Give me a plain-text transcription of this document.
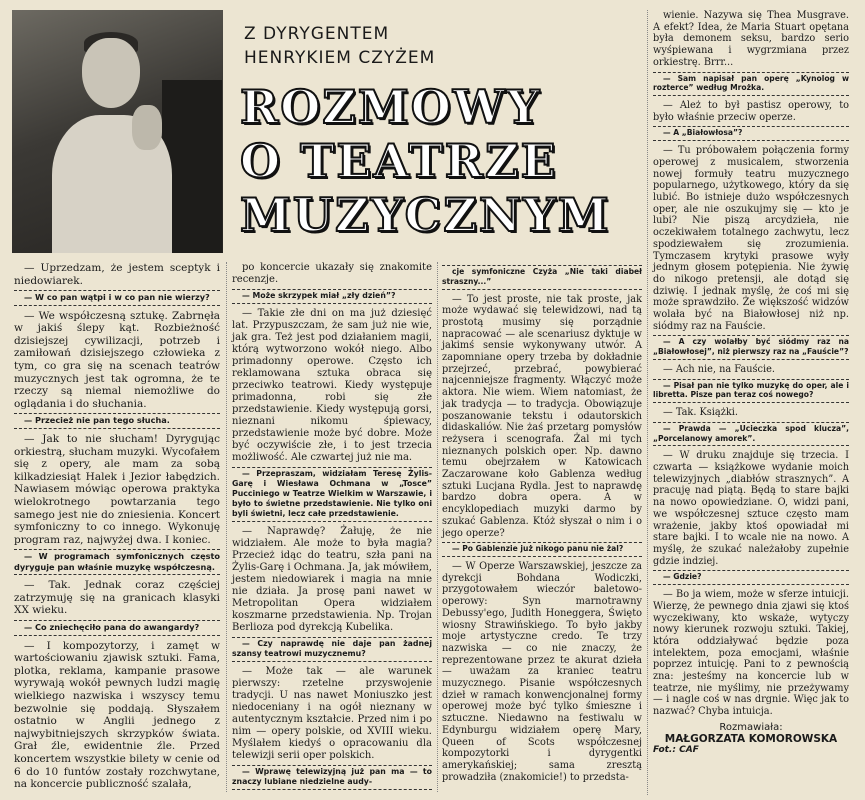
Z DYRYGENTEM
HENRYKIEM CZYŻEM
ROZMOWY
O TEATRZE
MUZYCZNYM

— Uprzedzam, że jestem sceptyk i niedowiarek.

— W co pan wątpi i w co pan nie wierzy?

— We współczesną sztukę. Zabrnęła w jakiś ślepy kąt. Rozbieżność dzisiejszej cywilizacji, potrzeb i zamiłowań dzisiejszego człowieka z tym, co gra się na scenach teatrów muzycznych jest tak ogromna, że te rzeczy są niemal niemożliwe do oglądania i do słuchania.

— Przecież nie pan tego słucha.

— Jak to nie słucham! Dyrygując orkiestrą, słucham muzyki. Wycofałem się z opery, ale mam za sobą kilkadziesiąt Halek i Jezior łabędzich. Nawiasem mówiąc operowa praktyka wielokrotnego powtarzania tego samego jest nie do zniesienia. Koncert symfoniczny to co innego. Wykonuję program raz, najwyżej dwa. I koniec.

— W programach symfonicznych często dyryguje pan właśnie muzykę współczesną.

— Tak. Jednak coraz częściej zatrzymuję się na granicach klasyki XX wieku.

— Co zniechęciło pana do awangardy?

— I kompozytorzy, i zamęt w wartościowaniu zjawisk sztuki. Fama, plotka, reklama, kampanie prasowe wyrywają wokół pewnych ludzi magię wielkiego nazwiska i wszyscy temu bezwolnie się poddają. Słyszałem ostatnio w Anglii jednego z najwybitniejszych skrzypków świata. Grał źle, ewidentnie źle. Przed koncertem wszystkie bilety w cenie od 6 do 10 funtów zostały rozchwytane, na koncercie publiczność szalała,

po koncercie ukazały się znakomite recenzje.

— Może skrzypek miał „zły dzień”?

— Takie złe dni on ma już dziesięć lat. Przypuszczam, że sam już nie wie, jak gra. Też jest pod działaniem magii, którą wytworzono wokół niego. Albo primadonny operowe. Często ich reklamowana sztuka obraca się przeciwko teatrowi. Kiedy występuje primadonna, robi się złe przedstawienie. Kiedy występują gorsi, nieznani nikomu śpiewacy, przedstawienie może być dobre. Może być oczywiście złe, i to jest trzecia możliwość. Ale czwartej już nie ma.

— Przepraszam, widziałam Teresę Żylis-Garę i Wiesława Ochmana w „Tosce” Pucciniego w Teatrze Wielkim w Warszawie, i było to świetne przedstawienie. Nie tylko oni byli świetni, lecz całe przedstawienie.

— Naprawdę? Żałuję, że nie widziałem. Ale może to była magia? Przecież idąc do teatru, szła pani na Żylis-Garę i Ochmana. Ja, jak mówiłem, jestem niedowiarek i magia na mnie nie działa. Ja prosę pani nawet w Metropolitan Opera widziałem koszmarne przedstawienia. Np. Trojan Berlioza pod dyrekcją Kubelika.

— Czy naprawdę nie daje pan żadnej szansy teatrowi muzycznemu?

— Może tak — ale warunek pierwszy: rzetelne przyswojenie tradycji. U nas nawet Moniuszko jest niedoceniany i na ogół nieznany w autentycznym kształcie. Przed nim i po nim — opery polskie, od XVIII wieku. Myślałem kiedyś o opracowaniu dla telewizji serii oper polskich.

— Wprawę telewizyjną już pan ma — to znaczy lubiane niedzielne audy-

cje symfoniczne Czyża „Nie taki diabeł straszny...”

— To jest proste, nie tak proste, jak może wydawać się telewidzowi, nad tą prostotą musimy się porządnie napracować — ale scenariusz dyktuje w jakimś sensie wykonywany utwór. A zapomniane opery trzeba by dokładnie przejrzeć, przebrać, powybierać najcenniejsze fragmenty. Włączyć może aktora. Nie wiem. Wiem natomiast, że jak tradycja — to tradycja. Obowiązuje poszanowanie tekstu i odautorskich didaskaliów. Nie żaś przetarg pomysłów reżysera i scenografa. Żal mi tych nieznanych polskich oper. Np. dawno temu obejrzałem w Katowicach Zaczarowane koło Gablenza według sztuki Lucjana Rydla. Jest to naprawdę bardzo dobra opera. A w encyklopediach muzyki darmo by szukać Gablenza. Któż słyszał o nim i o jego operze?

— Po Gablenzie już nikogo panu nie żal?

— W Operze Warszawskiej, jeszcze za dyrekcji Bohdana Wodiczki, przygotowałem wieczór baletowo-operowy: Syn marnotrawny Debussy'ego, Judith Honeggera, Święto wiosny Strawińskiego. To było jakby moje artystyczne credo. Te trzy nazwiska — co nie znaczy, że reprezentowane przez te akurat dzieła — uważam za kraniec teatru muzycznego. Pisanie współczesnych dzieł w ramach konwencjonalnej formy operowej może być tylko śmieszne i sztuczne. Niedawno na festiwalu w Edynburgu widziałem operę Mary, Queen of Scots współczesnej kompozytorki i dyrygentki amerykańskiej; sama zresztą prowadziła (znakomicie!) to przedsta-

wienie. Nazywa się Thea Musgrave. A efekt? Idea, że Maria Stuart opętana była demonem seksu, bardzo serio wyśpiewana i wygrzmiana przez orkiestrę. Brrr...

— Sam napisał pan operę „Kynolog w rozterce” według Mrożka.

— Ależ to był pastisz operowy, to było właśnie przeciw operze.

— A „Białowłosa”?

— Tu próbowałem połączenia formy operowej z musicalem, stworzenia nowej formuły teatru muzycznego popularnego, użytkowego, który da się lubić. Bo istnieje dużo współczesnych oper, ale nie oszukujmy się — kto je lubi? Nie piszą arcydzieła, nie oczekiwałem totalnego zachwytu, lecz spodziewałem się zrozumienia. Tymczasem krytyki prasowe wyły jednym głosem potępienia. Nie żywię do nikogo pretensji, ale dotąd się dziwię. I jednak myślę, że coś mi się może sprawdziło. Że większość widzów wolała być na Białowłosej niż np. siódmy raz na Fauście.

— A czy wolałby być siódmy raz na „Białowłosej”, niż pierwszy raz na „Fauście”?

— Ach nie, na Fauście.

— Pisał pan nie tylko muzykę do oper, ale i libretta. Pisze pan teraz coś nowego?

— Tak. Książki.

— Prawda — „Ucieczka spod klucza”, „Porcelanowy amorek”.

— W druku znajduje się trzecia. I czwarta — książkowe wydanie moich telewizyjnych „diabłów strasznych”. A pracuję nad piątą. Będą to stare bajki na nowo opowiedziane. O, widzi pani, we współczesnej sztuce często mam wrażenie, jakby ktoś opowiadał mi stare bajki. I to wcale nie na nowo. A myślę, że szukać należałoby zupełnie gdzie indziej.

— Gdzie?

— Bo ja wiem, może w sferze intuicji. Wierzę, że pewnego dnia zjawi się ktoś wyczekiwany, kto wskaże, wytyczy nowy kierunek rozwoju sztuki. Takiej, która oddziaływać będzie poza intelektem, poza emocjami, właśnie poprzez intuicję. Pani to z pewnością zna: jesteśmy na koncercie lub w teatrze, nie myślimy, nie przeżywamy — i nagle coś w nas drgnie. Więc jak to nazwać? Chyba intuicja.

Rozmawiała:
MAŁGORZATA KOMOROWSKA
Fot.: CAF
